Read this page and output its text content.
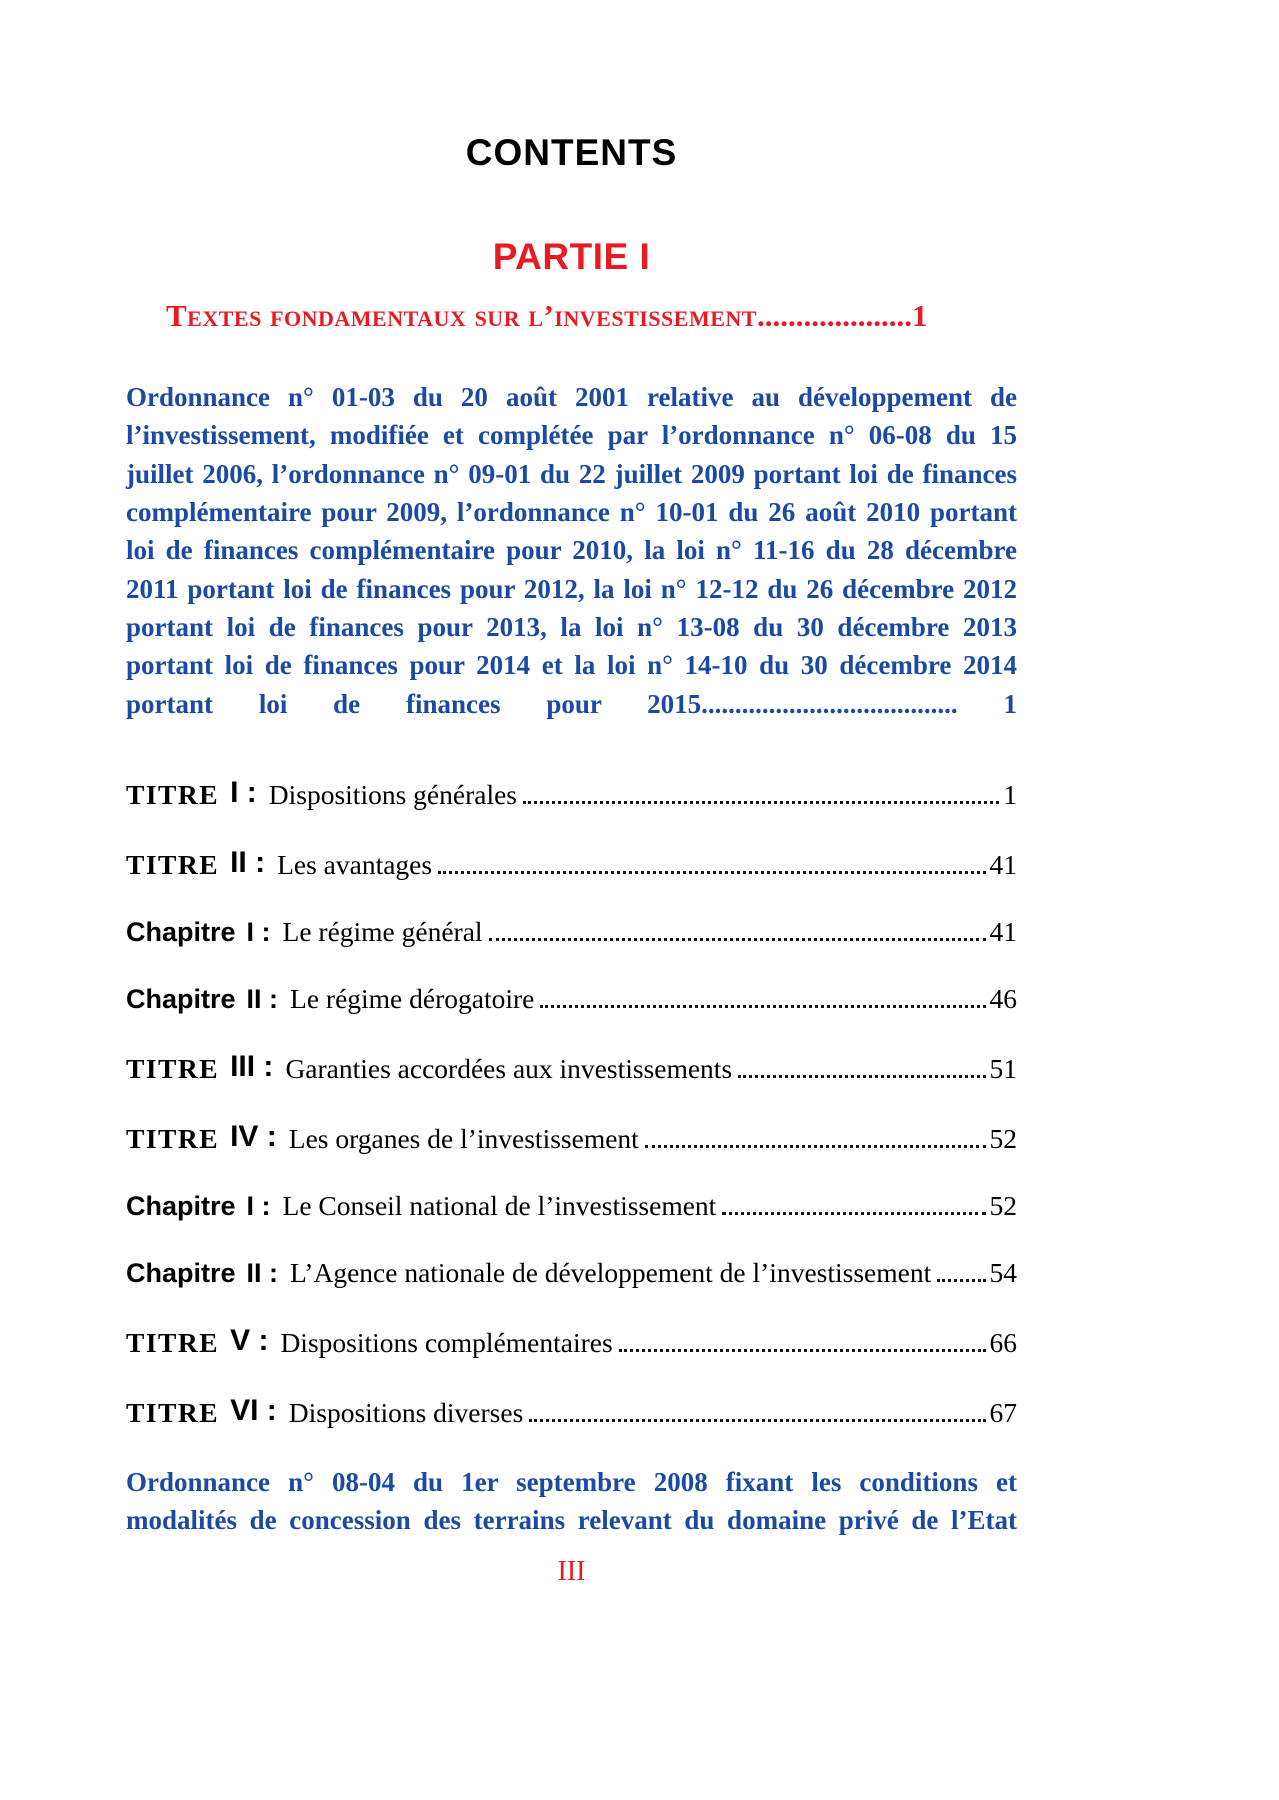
CONTENTS
PARTIE I
Textes fondamentaux sur l’investissement....................1

Ordonnance n° 01-03 du 20 août 2001 relative au développement de l’investissement, modifiée et complétée par l’ordonnance n° 06-08 du 15 juillet 2006, l’ordonnance n° 09-01 du 22 juillet 2009 portant loi de finances complémentaire pour 2009, l’ordonnance n° 10-01 du 26 août 2010 portant loi de finances complémentaire pour 2010, la loi n° 11-16 du 28 décembre 2011 portant loi de finances pour 2012, la loi n° 12-12 du 26 décembre 2012 portant loi de finances pour 2013, la loi n° 13-08 du 30 décembre 2013 portant loi de finances pour 2014 et la loi n° 14-10 du 30 décembre 2014 portant loi de finances pour 2015...................................... 1

TITRE I : Dispositions générales	1
TITRE II : Les avantages	41
Chapitre I : Le régime général	41
Chapitre II : Le régime dérogatoire	46
TITRE III : Garanties accordées aux investissements	51
TITRE IV : Les organes de l’investissement	52
Chapitre I : Le Conseil national de l’investissement	52
Chapitre II : L’Agence nationale de développement de l’investissement 54
TITRE V : Dispositions complémentaires	66
TITRE VI : Dispositions diverses	67

Ordonnance n° 08-04 du 1er septembre 2008 fixant les conditions et modalités de concession des terrains relevant du domaine privé de l’Etat

III
